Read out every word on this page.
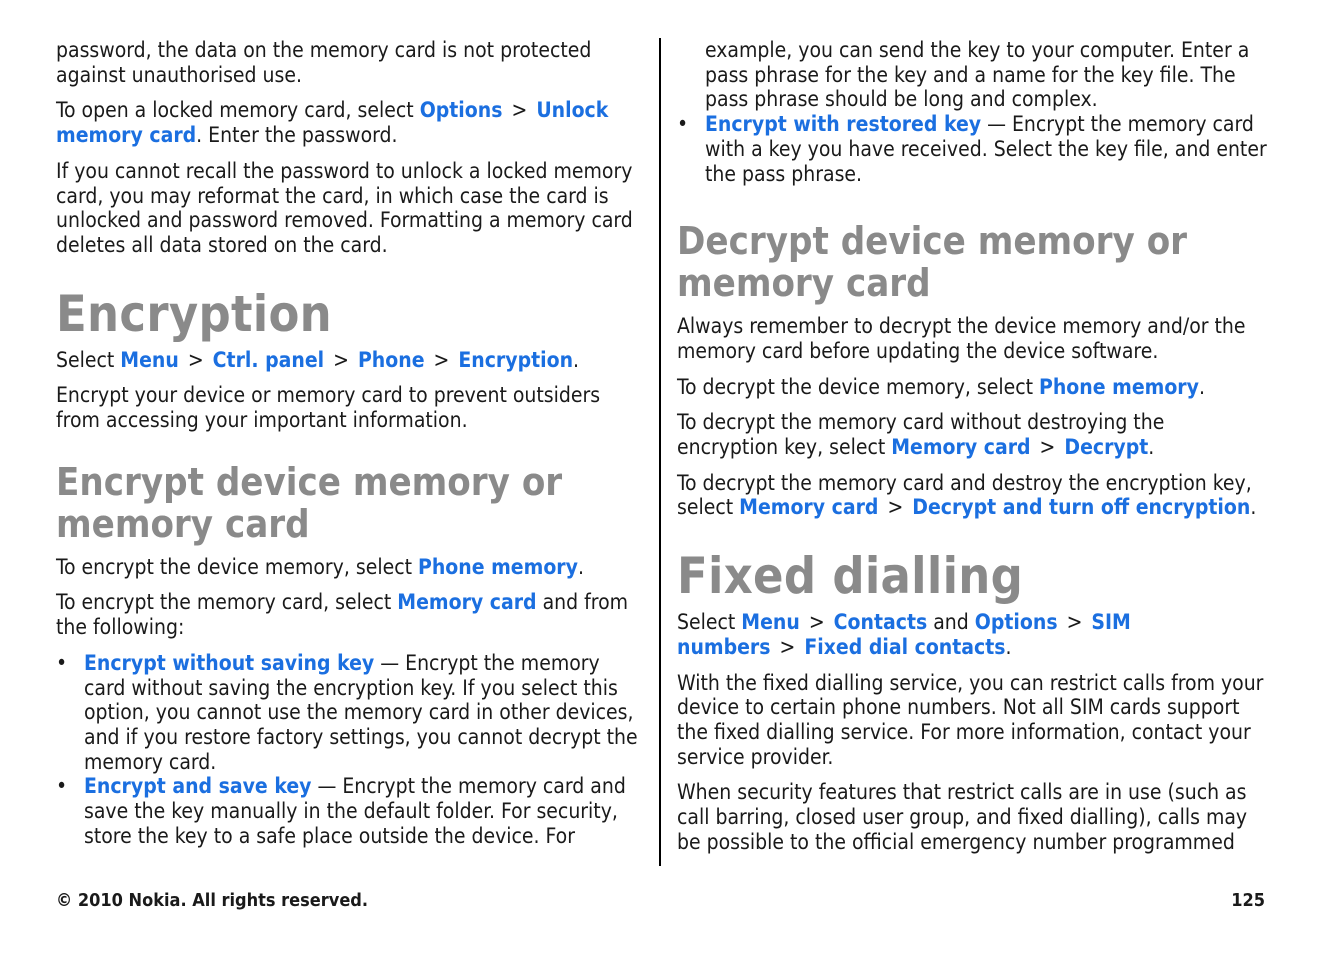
password, the data on the memory card is not protected against unauthorised use.

To open a locked memory card, select Options > Unlock memory card. Enter the password.

If you cannot recall the password to unlock a locked memory card, you may reformat the card, in which case the card is unlocked and password removed. Formatting a memory card deletes all data stored on the card.

Encryption

Select Menu > Ctrl. panel > Phone > Encryption.

Encrypt your device or memory card to prevent outsiders from accessing your important information.

Encrypt device memory or memory card

To encrypt the device memory, select Phone memory.

To encrypt the memory card, select Memory card and from the following:

• Encrypt without saving key — Encrypt the memory card without saving the encryption key. If you select this option, you cannot use the memory card in other devices, and if you restore factory settings, you cannot decrypt the memory card.
• Encrypt and save key — Encrypt the memory card and save the key manually in the default folder. For security, store the key to a safe place outside the device. For
example, you can send the key to your computer. Enter a pass phrase for the key and a name for the key file. The pass phrase should be long and complex.
• Encrypt with restored key — Encrypt the memory card with a key you have received. Select the key file, and enter the pass phrase.
Decrypt device memory or memory card

Always remember to decrypt the device memory and/or the memory card before updating the device software.

To decrypt the device memory, select Phone memory.

To decrypt the memory card without destroying the encryption key, select Memory card > Decrypt.

To decrypt the memory card and destroy the encryption key, select Memory card > Decrypt and turn off encryption.

Fixed dialling

Select Menu > Contacts and Options > SIM numbers > Fixed dial contacts.

With the fixed dialling service, you can restrict calls from your device to certain phone numbers. Not all SIM cards support the fixed dialling service. For more information, contact your service provider.

When security features that restrict calls are in use (such as call barring, closed user group, and fixed dialling), calls may be possible to the official emergency number programmed

© 2010 Nokia. All rights reserved.	125
